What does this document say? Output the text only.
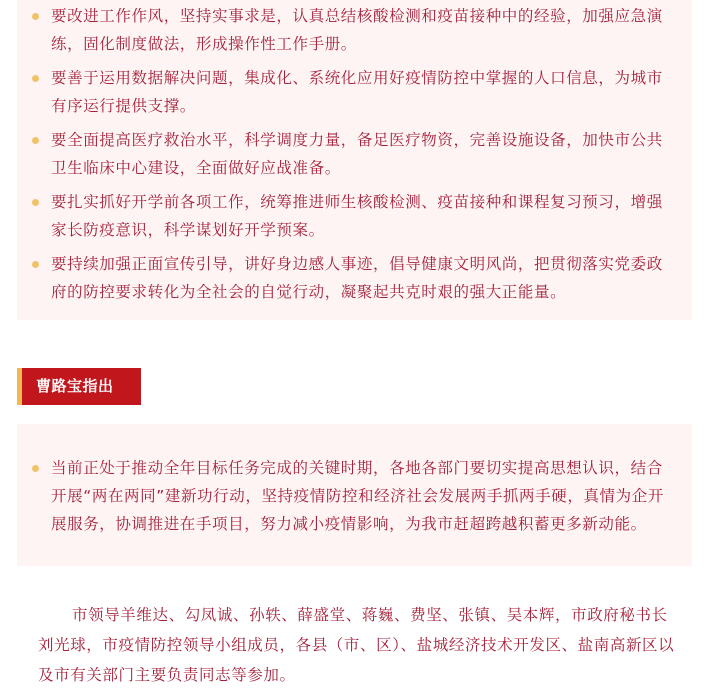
要改进工作作风，坚持实事求是，认真总结核酸检测和疫苗接种中的经验，加强应急演练，固化制度做法，形成操作性工作手册。
要善于运用数据解决问题，集成化、系统化应用好疫情防控中掌握的人口信息，为城市有序运行提供支撑。
要全面提高医疗救治水平，科学调度力量，备足医疗物资，完善设施设备，加快市公共卫生临床中心建设，全面做好应战准备。
要扎实抓好开学前各项工作，统筹推进师生核酸检测、疫苗接种和课程复习预习，增强家长防疫意识，科学谋划好开学预案。
要持续加强正面宣传引导，讲好身边感人事迹，倡导健康文明风尚，把贯彻落实党委政府的防控要求转化为全社会的自觉行动，凝聚起共克时艰的强大正能量。
曹路宝指出
当前正处于推动全年目标任务完成的关键时期，各地各部门要切实提高思想认识，结合开展“两在两同”建新功行动，坚持疫情防控和经济社会发展两手抓两手硬，真情为企开展服务，协调推进在手项目，努力减小疫情影响，为我市赶超跨越积蓄更多新动能。
市领导羊维达、勾凤诚、孙轶、薛盛堂、蒋巍、费坚、张镇、吴本辉，市政府秘书长刘光球，市疫情防控领导小组成员，各县（市、区）、盐城经济技术开发区、盐南高新区以及市有关部门主要负责同志等参加。
